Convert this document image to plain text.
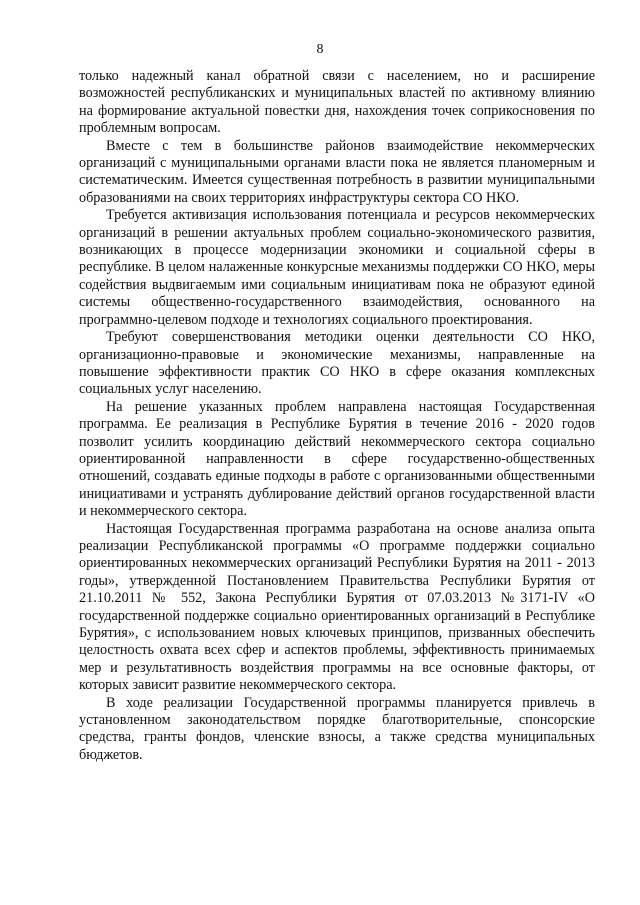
8

только надежный канал обратной связи с населением, но и расширение возможностей республиканских и муниципальных властей по активному влиянию на формирование актуальной повестки дня, нахождения точек соприкосновения по проблемным вопросам.

Вместе с тем в большинстве районов взаимодействие некоммерческих организаций с муниципальными органами власти пока не является планомерным и систематическим. Имеется существенная потребность в развитии муниципальными образованиями на своих территориях инфраструктуры сектора СО НКО.

Требуется активизация использования потенциала и ресурсов некоммерческих организаций в решении актуальных проблем социально-экономического развития, возникающих в процессе модернизации экономики и социальной сферы в республике. В целом налаженные конкурсные механизмы поддержки СО НКО, меры содействия выдвигаемым ими социальным инициативам пока не образуют единой системы общественно-государственного взаимодействия, основанного на программно-целевом подходе и технологиях социального проектирования.

Требуют совершенствования методики оценки деятельности СО НКО, организационно-правовые и экономические механизмы, направленные на повышение эффективности практик СО НКО в сфере оказания комплексных социальных услуг населению.

На решение указанных проблем направлена настоящая Государственная программа. Ее реализация в Республике Бурятия в течение 2016 - 2020 годов позволит усилить координацию действий некоммерческого сектора социально ориентированной направленности в сфере государственно-общественных отношений, создавать единые подходы в работе с организованными общественными инициативами и устранять дублирование действий органов государственной власти и некоммерческого сектора.

Настоящая Государственная программа разработана на основе анализа опыта реализации Республиканской программы «О программе поддержки социально ориентированных некоммерческих организаций Республики Бурятия на 2011 - 2013 годы», утвержденной Постановлением Правительства Республики Бурятия от 21.10.2011 № 552, Закона Республики Бурятия от 07.03.2013 №3171-IV «О государственной поддержке социально ориентированных организаций в Республике Бурятия», с использованием новых ключевых принципов, призванных обеспечить целостность охвата всех сфер и аспектов проблемы, эффективность принимаемых мер и результативность воздействия программы на все основные факторы, от которых зависит развитие некоммерческого сектора.

В ходе реализации Государственной программы планируется привлечь в установленном законодательством порядке благотворительные, спонсорские средства, гранты фондов, членские взносы, а также средства муниципальных бюджетов.
